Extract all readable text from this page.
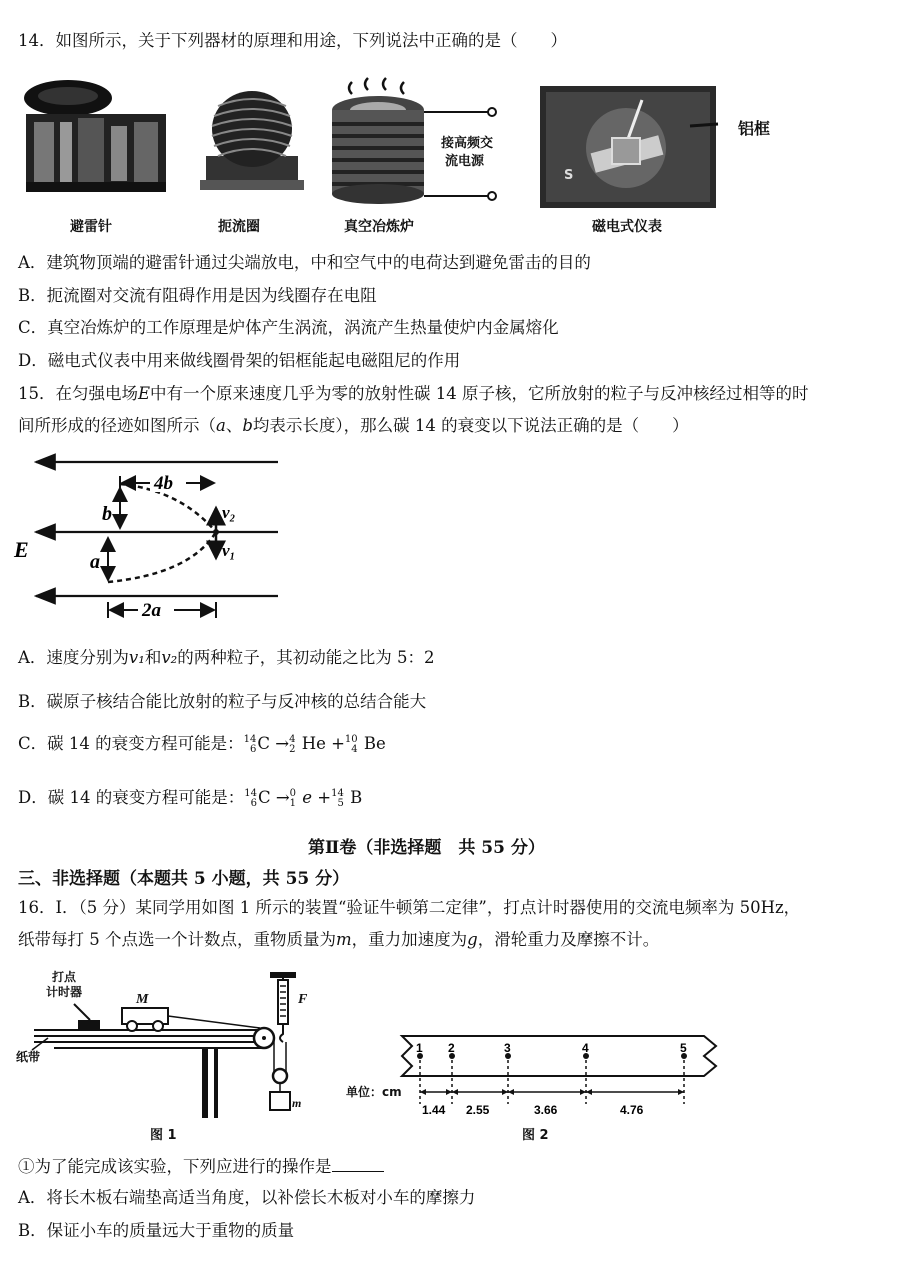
14．如图所示，关于下列器材的原理和用途，下列说法中正确的是（　　）
避雷针	扼流圈
接高频交
流电源
真空冶炼炉
S
铝框
磁电式仪表
A．建筑物顶端的避雷针通过尖端放电，中和空气中的电荷达到避免雷击的目的
B．扼流圈对交流有阻碍作用是因为线圈存在电阻
C．真空冶炼炉的工作原理是炉体产生涡流，涡流产生热量使炉内金属熔化
D．磁电式仪表中用来做线圈骨架的铝框能起电磁阻尼的作用
15．在匀强电场E中有一个原来速度几乎为零的放射性碳 14 原子核，它所放射的粒子与反冲核经过相等的时
间所形成的径迹如图所示（a、b均表示长度），那么碳 14 的衰变以下说法正确的是（　　）
E
4b
2a
b
a
v₂
v₁
A．速度分别为v₁和v₂的两种粒子，其初动能之比为 5：2
B．碳原子核结合能比放射的粒子与反冲核的总结合能大
C．碳 14 的衰变方程可能是： 14
6 C → 4
2 He + 10
4 Be
D．碳 14 的衰变方程可能是： 14
6 C → 0
1 e + 14
5 B
第Ⅱ卷（非选择题　共 55 分）
三、非选择题（本题共 5 小题，共 55 分）
16．Ⅰ．（5 分）某同学用如图 1 所示的装置“验证牛顿第二定律”，打点计时器使用的交流电频率为 50Hz，
纸带每打 5 个点选一个计数点，重物质量为m，重力加速度为g，滑轮重力及摩擦不计。
打点
计时器	M	F
纸带
m
图 1
1 2	3	4	5
1.44 2.55	3.66	4.76
单位：cm
图 2
①为了能完成该实验，下列应进行的操作是
A．将长木板右端垫高适当角度，以补偿长木板对小车的摩擦力
B．保证小车的质量远大于重物的质量
